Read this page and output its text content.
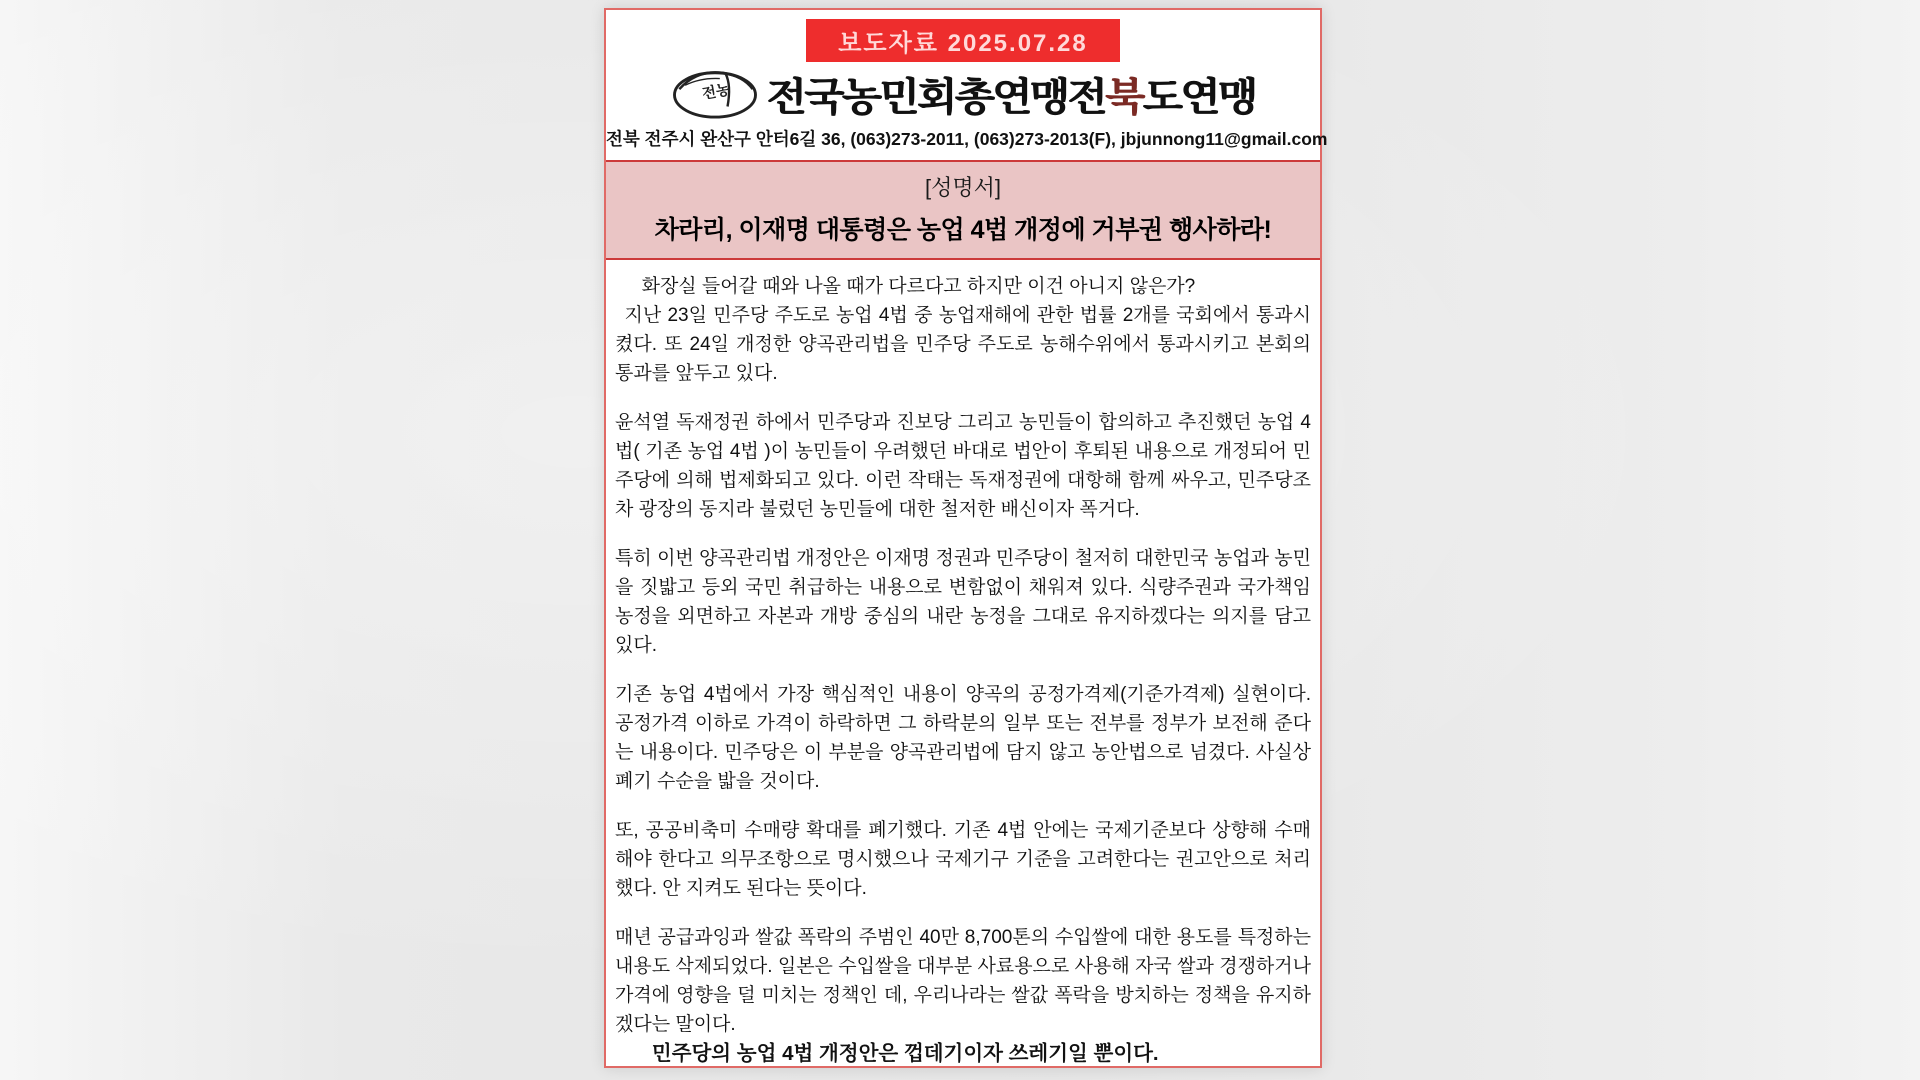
보도자료 2025.07.28
전농 전국농민회총연맹전북도연맹
전북 전주시 완산구 안터6길 36, (063)273-2011, (063)273-2013(F), jbjunnong11@gmail.com
[성명서]
차라리, 이재명 대통령은 농업 4법 개정에 거부권 행사하라!

화장실 들어갈 때와 나올 때가 다르다고 하지만 이건 아니지 않은가?

지난 23일 민주당 주도로 농업 4법 중 농업재해에 관한 법률 2개를 국회에서 통과시켰다. 또 24일 개정한 양곡관리법을 민주당 주도로 농해수위에서 통과시키고 본회의 통과를 앞두고 있다.

윤석열 독재정권 하에서 민주당과 진보당 그리고 농민들이 합의하고 추진했던 농업 4법( 기존 농업 4법 )이 농민들이 우려했던 바대로 법안이 후퇴된 내용으로 개정되어 민주당에 의해 법제화되고 있다. 이런 작태는 독재정권에 대항해 함께 싸우고, 민주당조차 광장의 동지라 불렀던 농민들에 대한 철저한 배신이자 폭거다.

특히 이번 양곡관리법 개정안은 이재명 정권과 민주당이 철저히 대한민국 농업과 농민을 짓밟고 등외 국민 취급하는 내용으로 변함없이 채워져 있다. 식량주권과 국가책임농정을 외면하고 자본과 개방 중심의 내란 농정을 그대로 유지하겠다는 의지를 담고 있다.

기존 농업 4법에서 가장 핵심적인 내용이 양곡의 공정가격제(기준가격제) 실현이다. 공정가격 이하로 가격이 하락하면 그 하락분의 일부 또는 전부를 정부가 보전해 준다는 내용이다. 민주당은 이 부분을 양곡관리법에 담지 않고 농안법으로 넘겼다. 사실상 폐기 수순을 밟을 것이다.

또, 공공비축미 수매량 확대를 폐기했다. 기존 4법 안에는 국제기준보다 상향해 수매해야 한다고 의무조항으로 명시했으나 국제기구 기준을 고려한다는 권고안으로 처리했다. 안 지켜도 된다는 뜻이다.

매년 공급과잉과 쌀값 폭락의 주범인 40만 8,700톤의 수입쌀에 대한 용도를 특정하는 내용도 삭제되었다. 일본은 수입쌀을 대부분 사료용으로 사용해 자국 쌀과 경쟁하거나 가격에 영향을 덜 미치는 정책인 데, 우리나라는 쌀값 폭락을 방치하는 정책을 유지하겠다는 말이다.

민주당의 농업 4법 개정안은 껍데기이자 쓰레기일 뿐이다.
